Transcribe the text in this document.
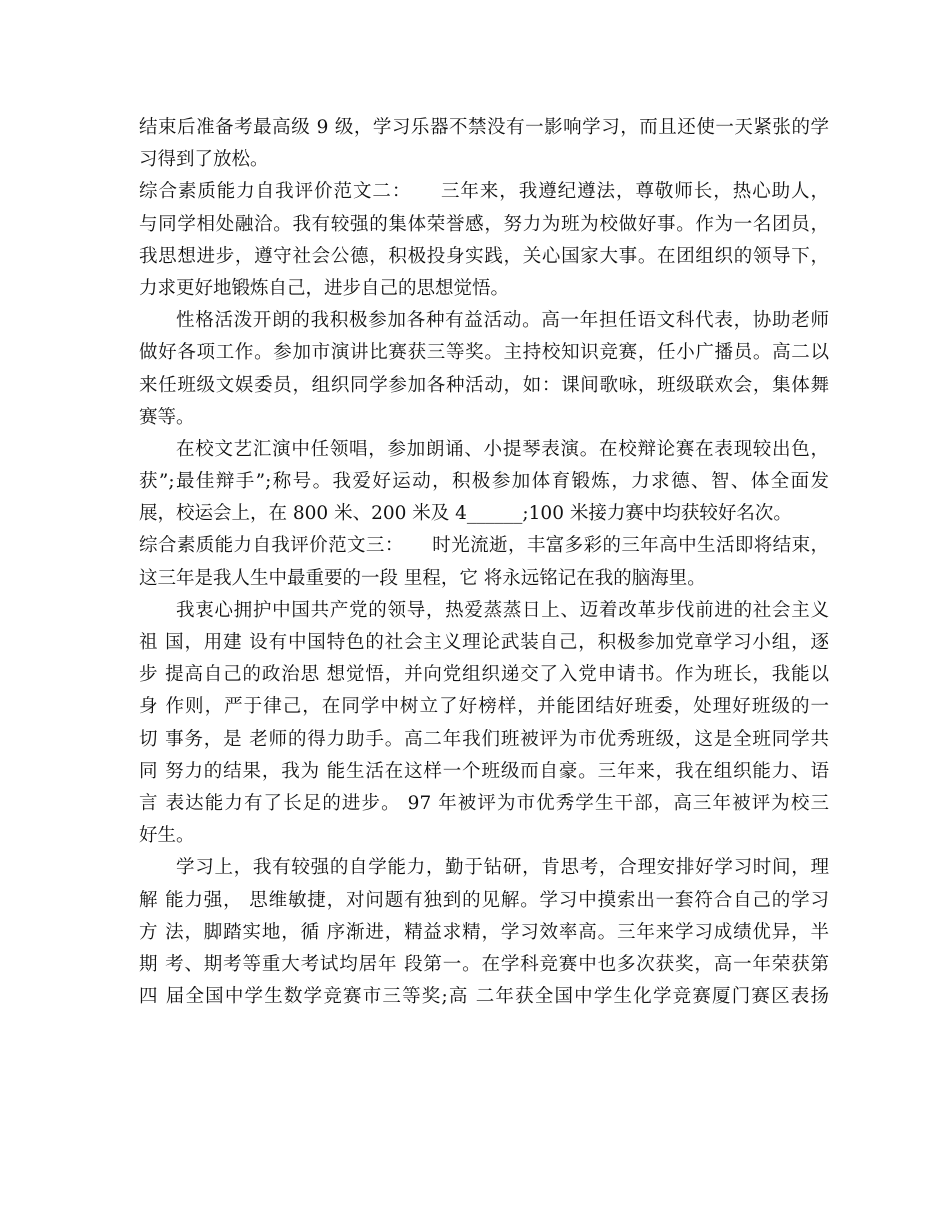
结束后准备考最高级 9 级，学习乐器不禁没有一影响学习，而且还使一天紧张的学
习得到了放松。
综合素质能力自我评价范文二：　　三年来，我遵纪遵法，尊敬师长，热心助人，
与同学相处融洽。我有较强的集体荣誉感，努力为班为校做好事。作为一名团员，
我思想进步，遵守社会公德，积极投身实践，关心国家大事。在团组织的领导下，
力求更好地锻炼自己，进步自己的思想觉悟。
性格活泼开朗的我积极参加各种有益活动。高一年担任语文科代表，协助老师
做好各项工作。参加市演讲比赛获三等奖。主持校知识竞赛，任小广播员。高二以
来任班级文娱委员，组织同学参加各种活动，如：课间歌咏，班级联欢会，集体舞
赛等。
在校文艺汇演中任领唱，参加朗诵、小提琴表演。在校辩论赛在表现较出色，
获”;最佳辩手”;称号。我爱好运动，积极参加体育锻炼，力求德、智、体全面发
展，校运会上，在 800 米、200 米及 4______;100 米接力赛中均获较好名次。
综合素质能力自我评价范文三：　　时光流逝，丰富多彩的三年高中生活即将结束，
这三年是我人生中最重要的一段 里程，它 将永远铭记在我的脑海里。
我衷心拥护中国共产党的领导，热爱蒸蒸日上、迈着改革步伐前进的社会主义
祖 国，用建 设有中国特色的社会主义理论武装自己，积极参加党章学习小组，逐
步 提高自己的政治思 想觉悟，并向党组织递交了入党申请书。作为班长，我能以
身 作则，严于律己，在同学中树立了好榜样，并能团结好班委，处理好班级的一
切 事务，是 老师的得力助手。高二年我们班被评为市优秀班级，这是全班同学共
同 努力的结果，我为 能生活在这样一个班级而自豪。三年来，我在组织能力、语
言 表达能力有了长足的进步。 97 年被评为市优秀学生干部，高三年被评为校三
好生。
学习上，我有较强的自学能力，勤于钻研，肯思考，合理安排好学习时间，理
解 能力强， 思维敏捷，对问题有独到的见解。学习中摸索出一套符合自己的学习
方 法，脚踏实地，循 序渐进，精益求精，学习效率高。三年来学习成绩优异，半
期 考、期考等重大考试均居年 段第一。在学科竞赛中也多次获奖，高一年荣获第
四 届全国中学生数学竞赛市三等奖;高 二年获全国中学生化学竞赛厦门赛区表扬
